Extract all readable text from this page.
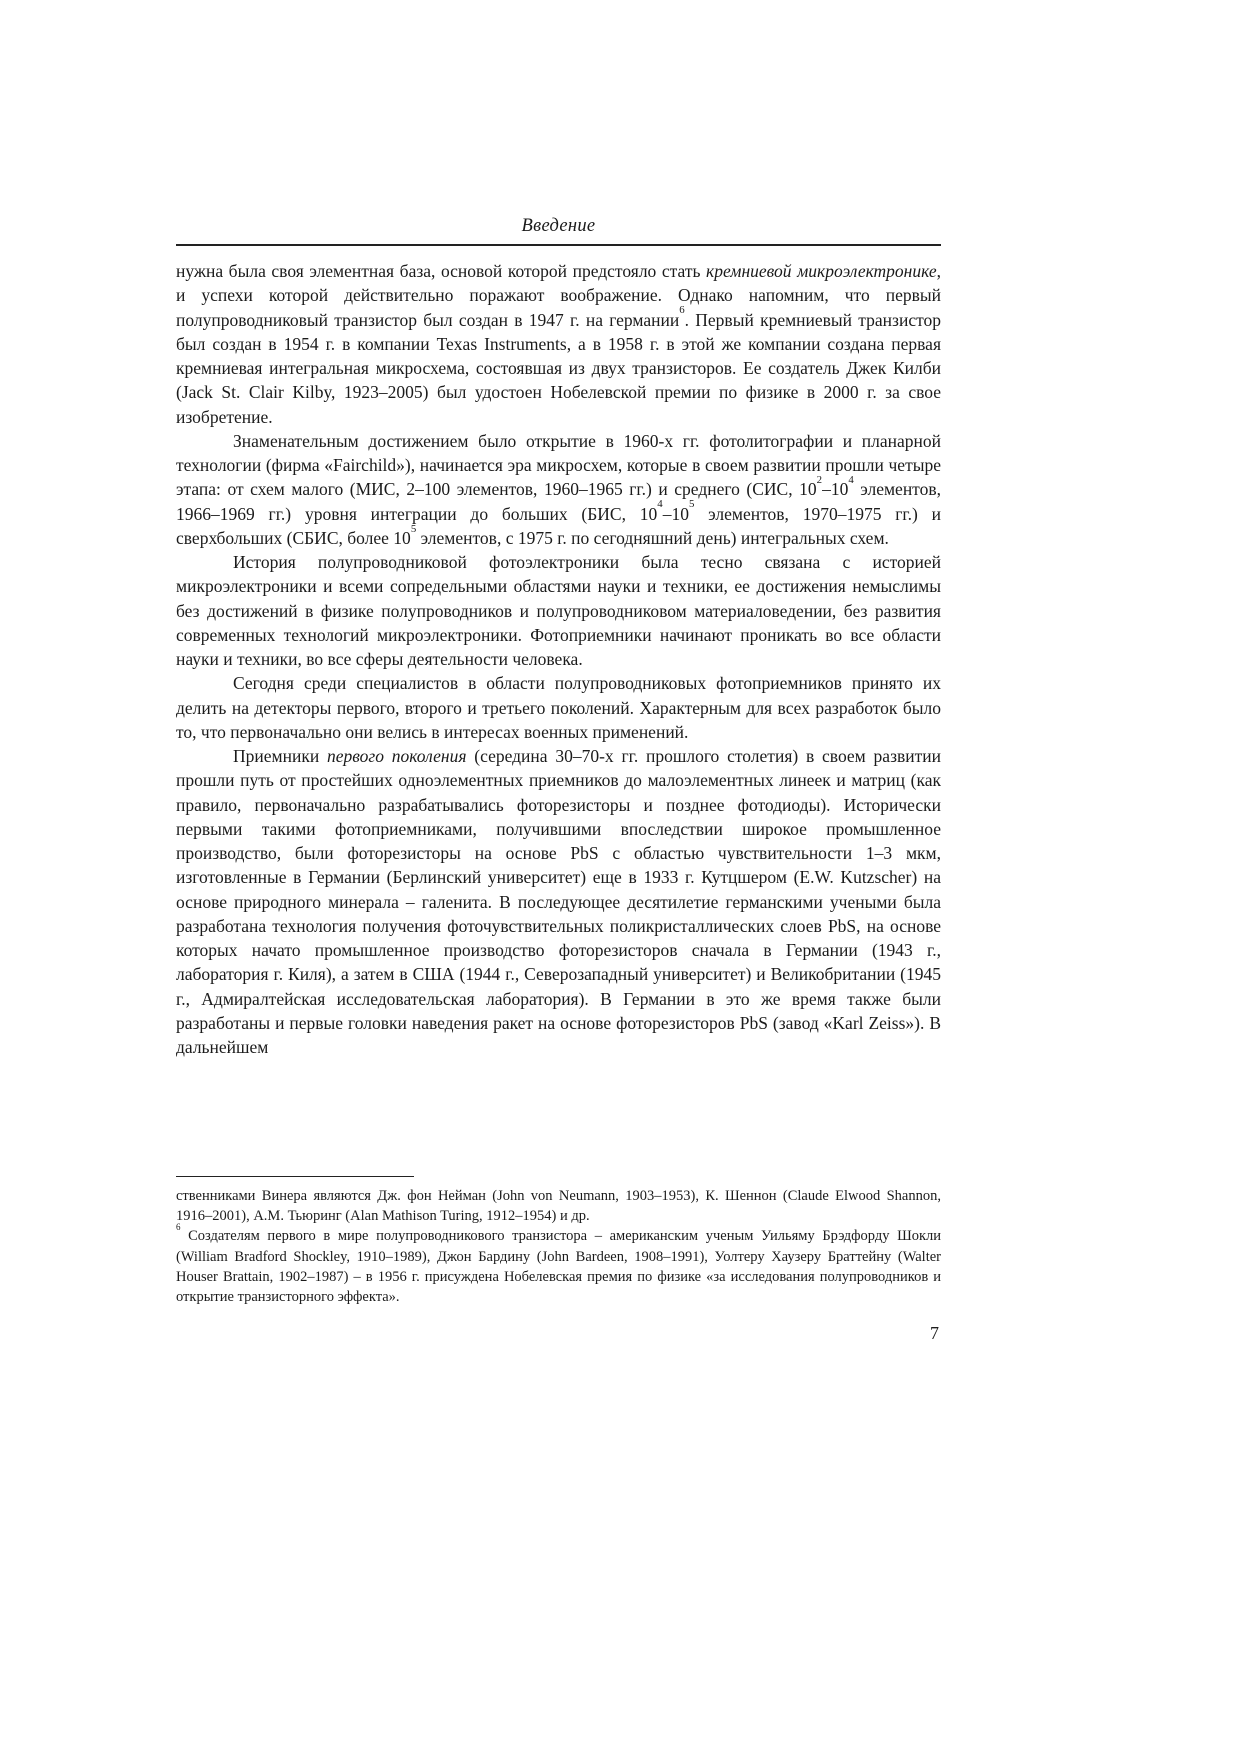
Введение

нужна была своя элементная база, основой которой предстояло стать кремниевой микроэлектронике, и успехи которой действительно поражают воображение. Однако напомним, что первый полупроводниковый транзистор был создан в 1947 г. на германии$^6$. Первый кремниевый транзистор был создан в 1954 г. в компании Texas Instruments, а в 1958 г. в этой же компании создана первая кремниевая интегральная микросхема, состоявшая из двух транзисторов. Ее создатель Джек Килби (Jack St. Clair Kilby, 1923–2005) был удостоен Нобелевской премии по физике в 2000 г. за свое изобретение.

Знаменательным достижением было открытие в 1960-х гг. фотолитографии и планарной технологии (фирма «Fairchild»), начинается эра микросхем, которые в своем развитии прошли четыре этапа: от схем малого (МИС, 2–100 элементов, 1960–1965 гг.) и среднего (СИС, 10$^2$–10$^4$ элементов, 1966–1969 гг.) уровня интеграции до больших (БИС, 10$^4$–10$^5$ элементов, 1970–1975 гг.) и сверхбольших (СБИС, более 10$^5$ элементов, с 1975 г. по сегодняшний день) интегральных схем.

История полупроводниковой фотоэлектроники была тесно связана с историей микроэлектроники и всеми сопредельными областями науки и техники, ее достижения немыслимы без достижений в физике полупроводников и полупроводниковом материаловедении, без развития современных технологий микроэлектроники. Фотоприемники начинают проникать во все области науки и техники, во все сферы деятельности человека.

Сегодня среди специалистов в области полупроводниковых фотоприемников принято их делить на детекторы первого, второго и третьего поколений. Характерным для всех разработок было то, что первоначально они велись в интересах военных применений.

Приемники первого поколения (середина 30–70-х гг. прошлого столетия) в своем развитии прошли путь от простейших одноэлементных приемников до малоэлементных линеек и матриц (как правило, первоначально разрабатывались фоторезисторы и позднее фотодиоды). Исторически первыми такими фотоприемниками, получившими впоследствии широкое промышленное производство, были фоторезисторы на основе PbS с областью чувствительности 1–3 мкм, изготовленные в Германии (Берлинский университет) еще в 1933 г. Кутцшером (E.W. Kutzscher) на основе природного минерала – галенита. В последующее десятилетие германскими учеными была разработана технология получения фоточувствительных поликристаллических слоев PbS, на основе которых начато промышленное производство фоторезисторов сначала в Германии (1943 г., лаборатория г. Киля), а затем в США (1944 г., Северозападный университет) и Великобритании (1945 г., Адмиралтейская исследовательская лаборатория). В Германии в это же время также были разработаны и первые головки наведения ракет на основе фоторезисторов PbS (завод «Karl Zeiss»). В дальнейшем

ственниками Винера являются Дж. фон Нейман (John von Neumann, 1903–1953), К. Шеннон (Claude Elwood Shannon, 1916–2001), А.М. Тьюринг (Alan Mathison Turing, 1912–1954) и др.

$^6$ Создателям первого в мире полупроводникового транзистора – американским ученым Уильяму Брэдфорду Шокли (William Bradford Shockley, 1910–1989), Джон Бардину (John Bardeen, 1908–1991), Уолтеру Хаузеру Браттейну (Walter Houser Brattain, 1902–1987) – в 1956 г. присуждена Нобелевская премия по физике «за исследования полупроводников и открытие транзисторного эффекта».

7
